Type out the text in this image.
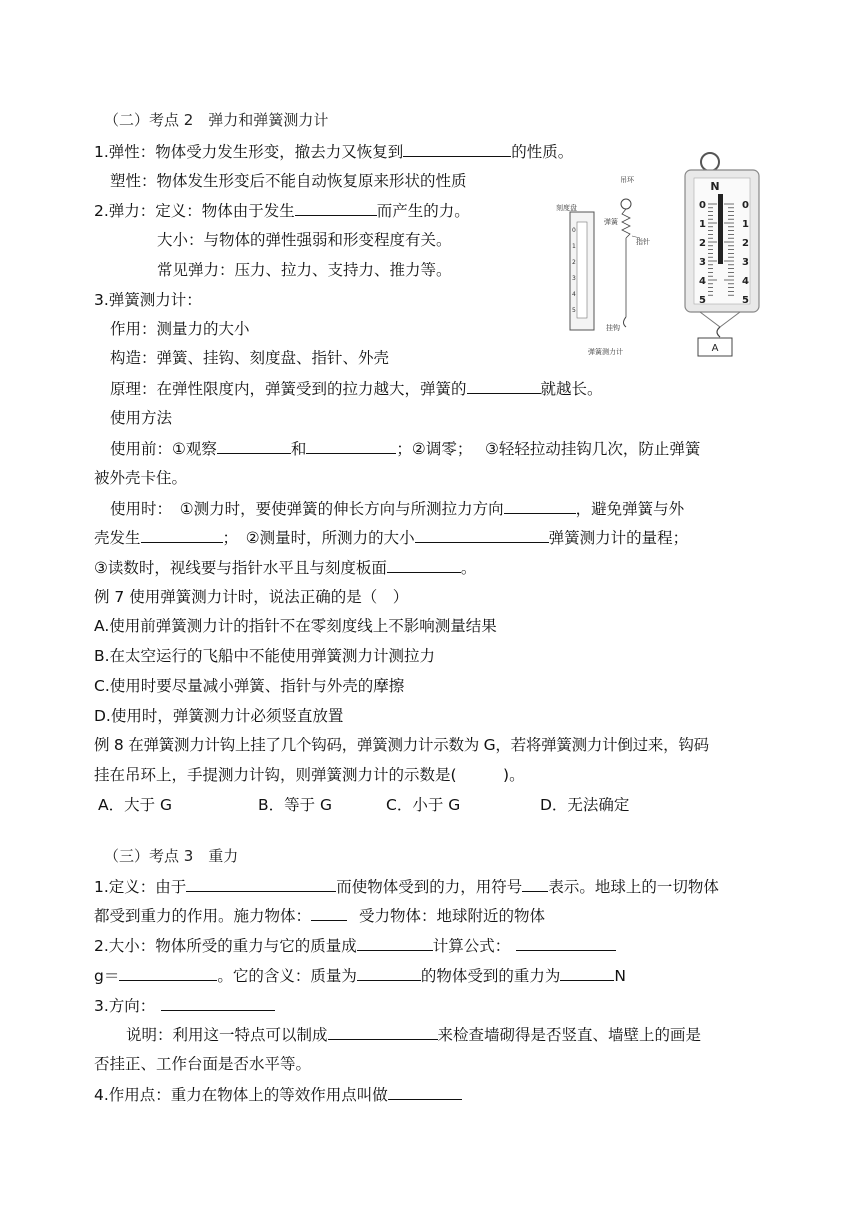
（二）考点 2　弹力和弹簧测力计
1.弹性：物体受力发生形变，撤去力又恢复到	的性质。
塑性：物体发生形变后不能自动恢复原来形状的性质
2.弹力：定义：物体由于发生	而产生的力。
大小：与物体的弹性强弱和形变程度有关。
常见弹力：压力、拉力、支持力、推力等。
3.弹簧测力计：
作用：测量力的大小
构造：弹簧、挂钩、刻度盘、指针、外壳
原理：在弹性限度内，弹簧受到的拉力越大，弹簧的	就越长。
使用方法
使用前：①观察	和	；②调零；　 ③轻轻拉动挂钩几次，防止弹簧
被外壳卡住。
使用时：　①测力时，要使弹簧的伸长方向与所测拉力方向	，避免弹簧与外
壳发生	；　②测量时，所测力的大小	弹簧测力计的量程；
③读数时，视线要与指针水平且与刻度板面	。
例 7 使用弹簧测力计时，说法正确的是（　）
A.使用前弹簧测力计的指针不在零刻度线上不影响测量结果
B.在太空运行的飞船中不能使用弹簧测力计测拉力
C.使用时要尽量减小弹簧、指针与外壳的摩擦
D.使用时，弹簧测力计必须竖直放置
例 8 在弹簧测力计钩上挂了几个钩码，弹簧测力计示数为 G，若将弹簧测力计倒过来，钩码
挂在吊环上，手提测力计钩，则弹簧测力计的示数是(　　　)。
A．大于 G	B．等于 G	C．小于 G	D．无法确定
（三）考点 3　重力
1.定义：由于	而使物体受到的力，用符号 表示。地球上的一切物体
都受到重力的作用。施力物体：	受力物体：地球附近的物体
2.大小：物体所受的重力与它的质量成	计算公式：
g＝	。它的含义：质量为	的物体受到的重力为	N
3.方向：
说明：利用这一特点可以制成	来检查墙砌得是否竖直、墙壁上的画是
否挂正、工作台面是否水平等。
4.作用点：重力在物体上的等效作用点叫做
刻度盘
吊环
弹簧
指针
挂钩
弹簧测力计
0
1
2
3
4
5
N
0	0
1	1
2	2
3	3
4	4
5	5
A
